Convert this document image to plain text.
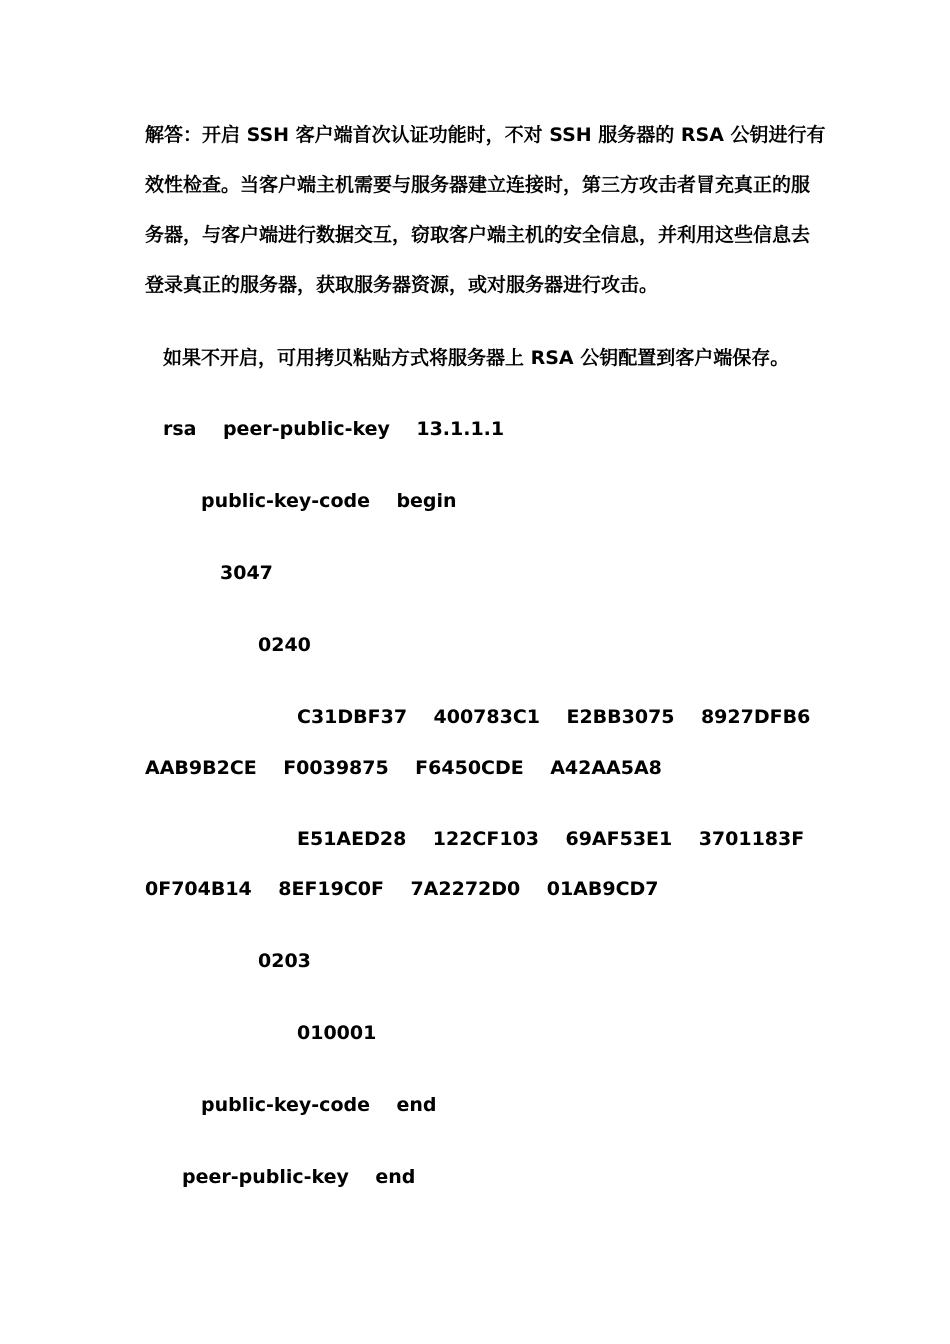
解答：开启 SSH 客户端首次认证功能时，不对 SSH 服务器的 RSA 公钥进行有
效性检查。当客户端主机需要与服务器建立连接时，第三方攻击者冒充真正的服
务器，与客户端进行数据交互，窃取客户端主机的安全信息，并利用这些信息去
登录真正的服务器，获取服务器资源，或对服务器进行攻击。
如果不开启，可用拷贝粘贴方式将服务器上 RSA 公钥配置到客户端保存。
rsa    peer-public-key    13.1.1.1
public-key-code    begin
3047
0240
C31DBF37    400783C1    E2BB3075    8927DFB6
AAB9B2CE    F0039875    F6450CDE    A42AA5A8
E51AED28    122CF103    69AF53E1    3701183F
0F704B14    8EF19C0F    7A2272D0    01AB9CD7
0203
010001
public-key-code    end
peer-public-key    end
